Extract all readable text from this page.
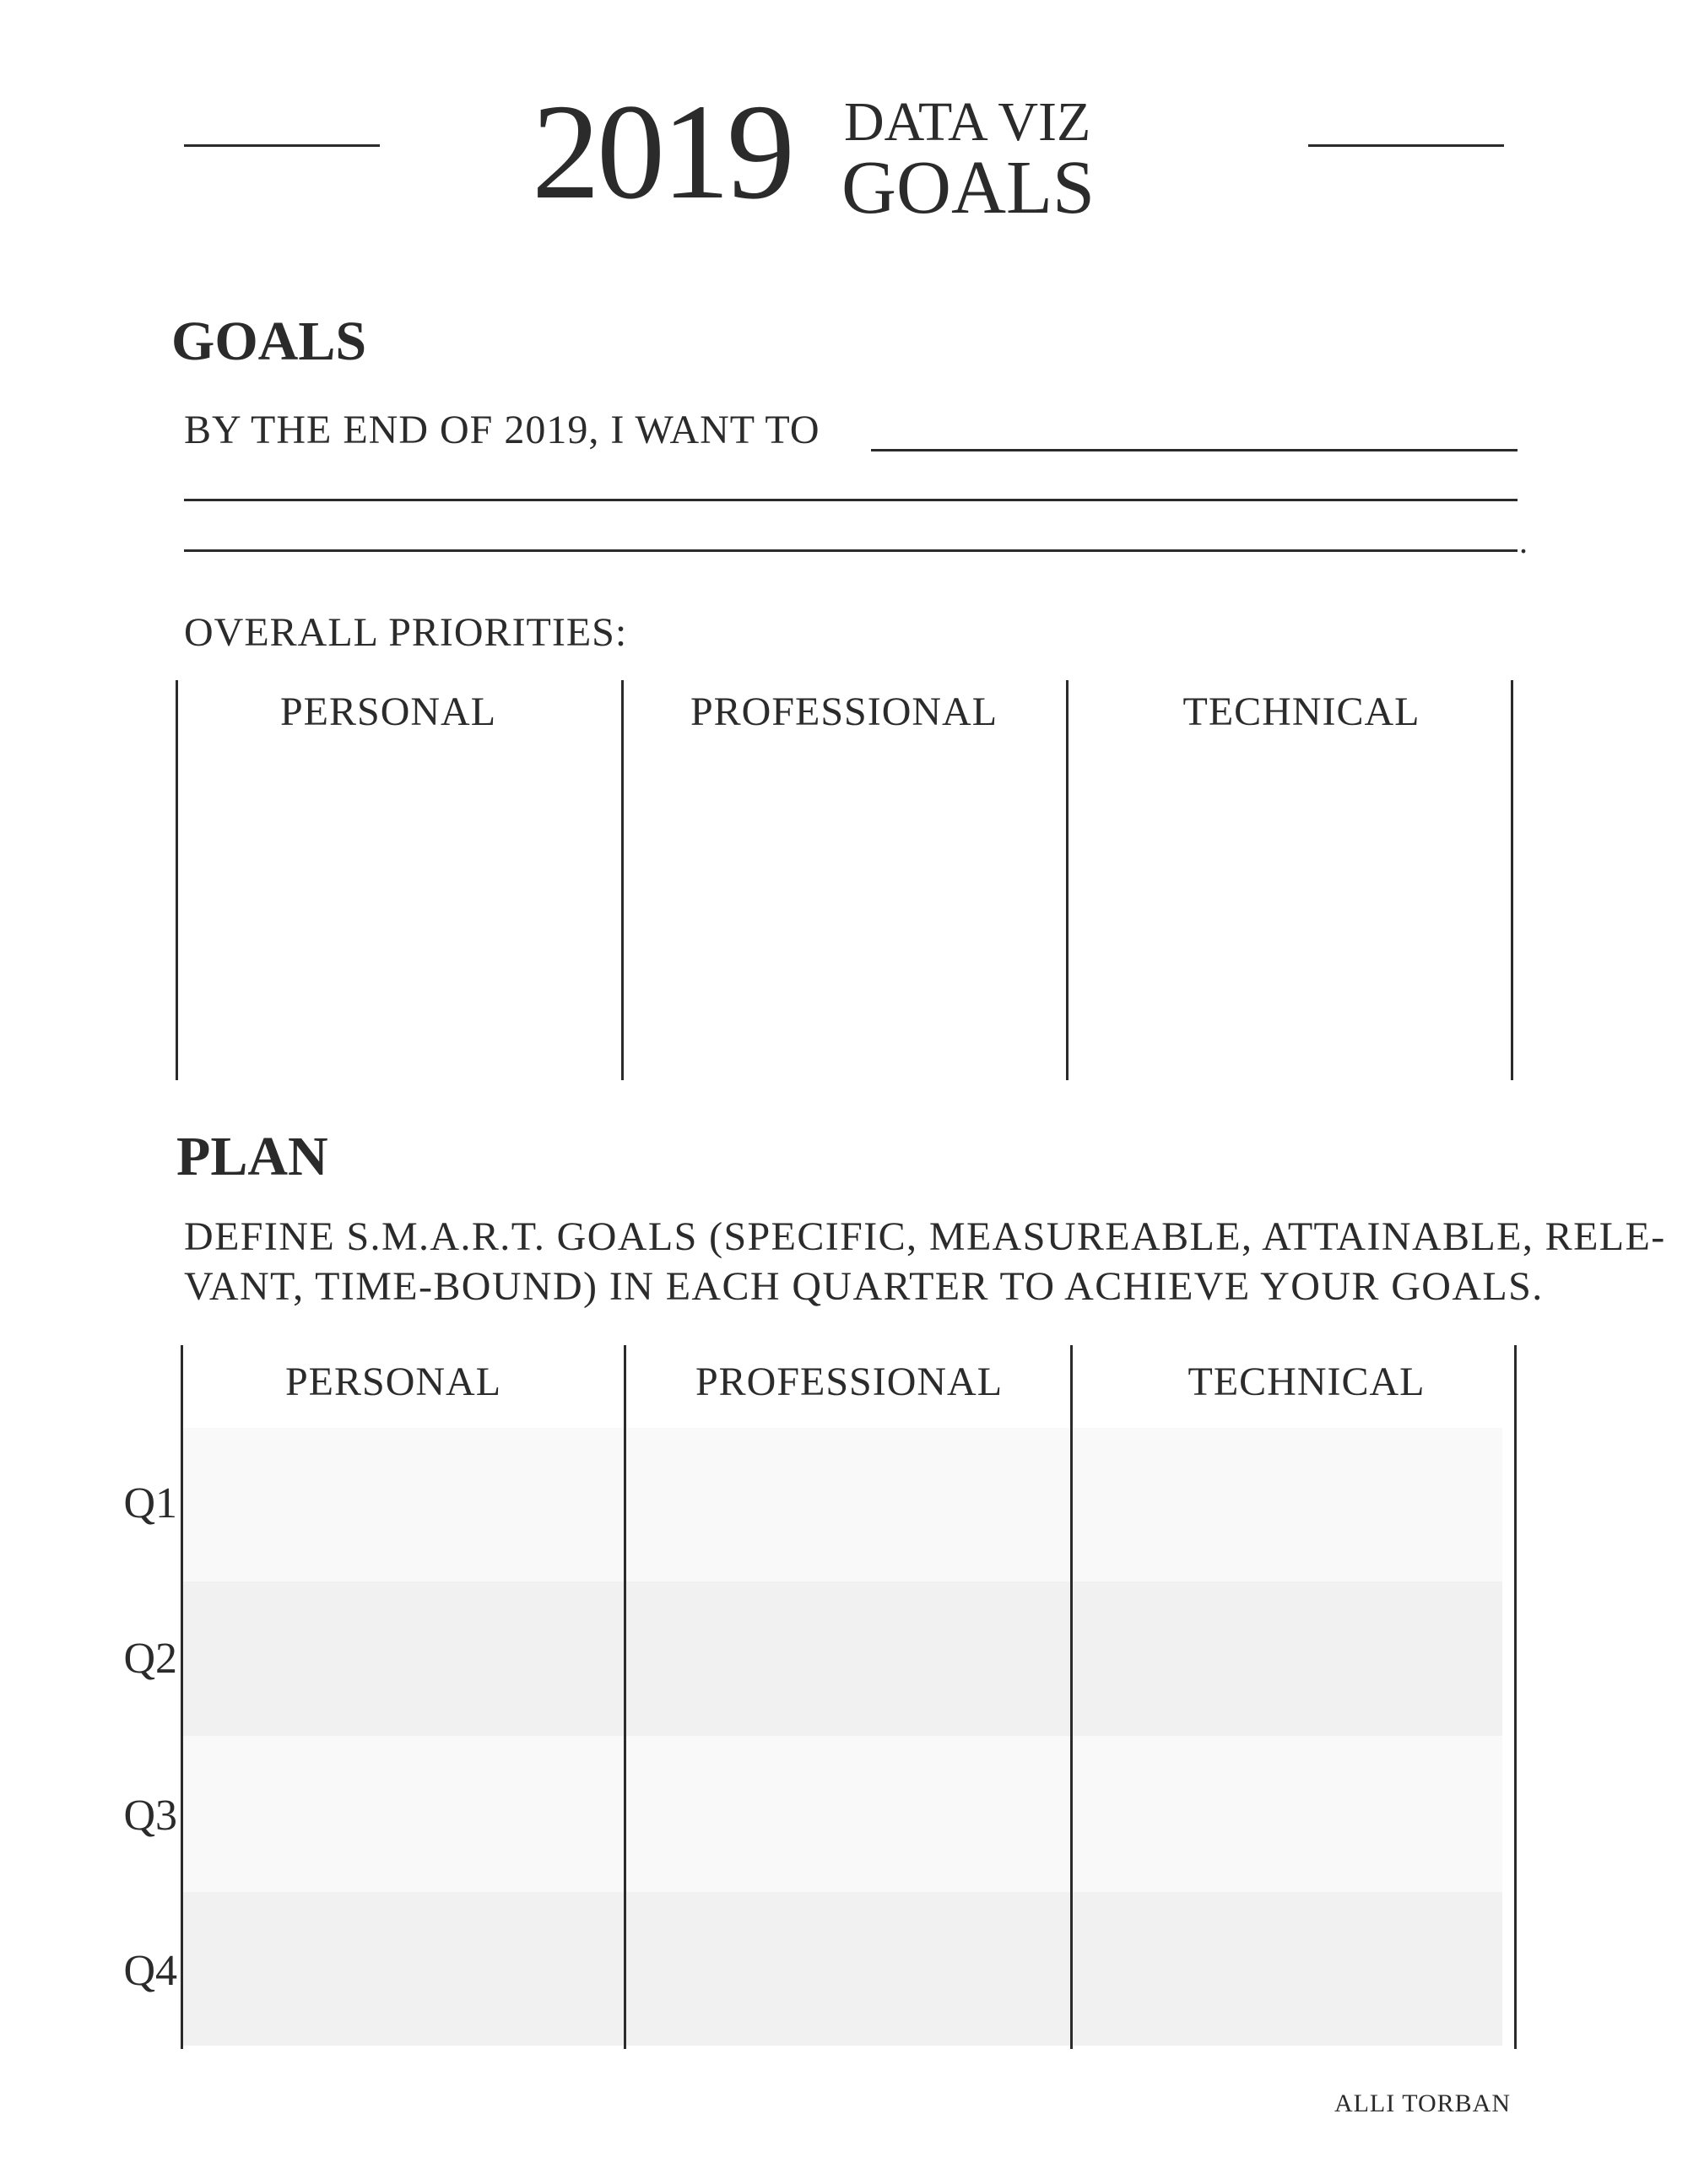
2019 DATA VIZ
GOALS
GOALS
BY THE END OF 2019, I WANT TO
.
OVERALL PRIORITIES:
PERSONAL	PROFESSIONAL	TECHNICAL
PLAN
DEFINE S.M.A.R.T. GOALS (SPECIFIC, MEASUREABLE, ATTAINABLE, RELE-
VANT, TIME-BOUND) IN EACH QUARTER TO ACHIEVE YOUR GOALS.
PERSONAL	PROFESSIONAL	TECHNICAL
Q1
Q2
Q3
Q4
ALLI TORBAN
